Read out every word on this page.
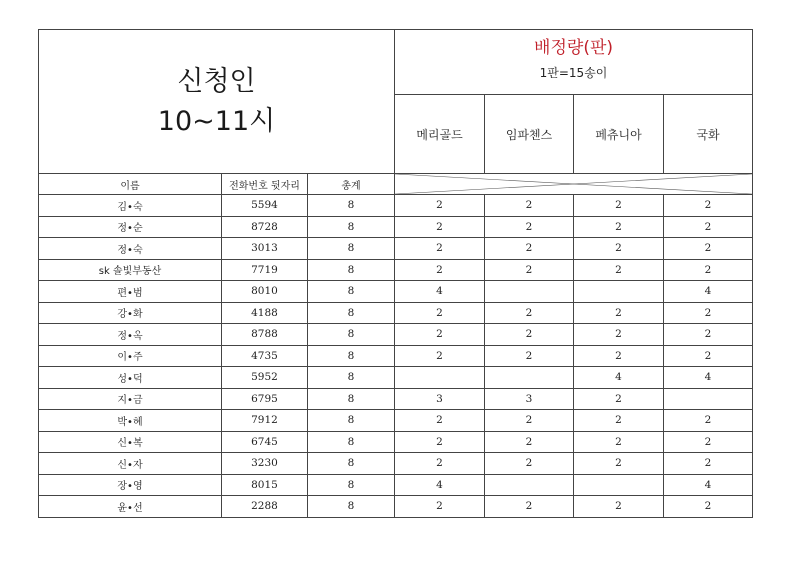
신청인
10~11시

배정량(판)
1판=15송이

			메리골드	임파첸스	페츄니아	국화
이름	전화번호 뒷자리	총계	

김•숙	5594	8	2	2	2	2
정•순	8728	8	2	2	2	2
정•숙	3013	8	2	2	2	2
sk 솔빛부동산	7719	8	2	2	2	2
편•범	8010	8	4			4
강•화	4188	8	2	2	2	2
정•옥	8788	8	2	2	2	2
이•주	4735	8	2	2	2	2
성•덕	5952	8			4	4
지•금	6795	8	3	3	2	
박•혜	7912	8	2	2	2	2
신•복	6745	8	2	2	2	2
신•자	3230	8	2	2	2	2
장•영	8015	8	4			4
윤•선	2288	8	2	2	2	2
